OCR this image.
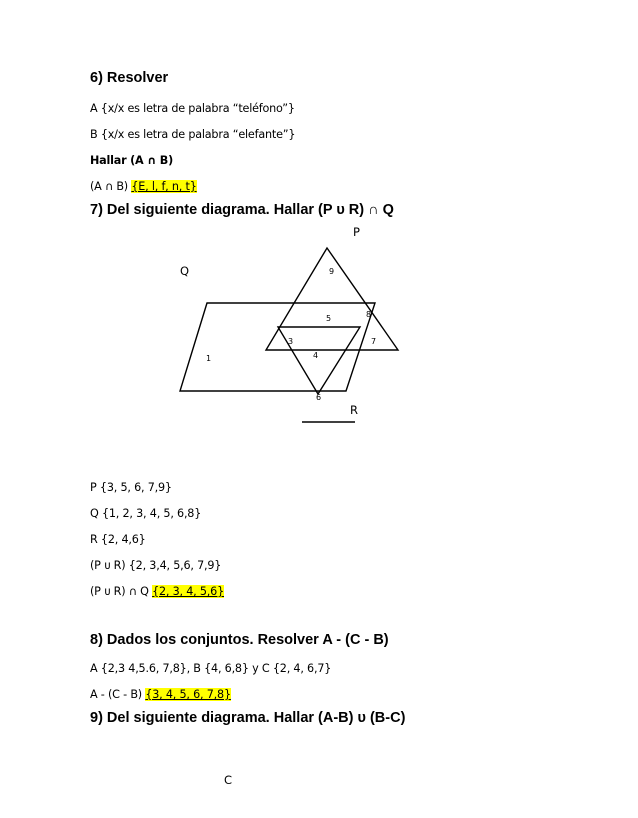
6) Resolver
A {x/x es letra de palabra “teléfono”}
B {x/x es letra de palabra “elefante”}
Hallar (A ∩ B)
(A ∩ B) {E, l, f, n, t}
7) Del siguiente diagrama. Hallar (P ᴜ R) ∩ Q
P
Q
R
9
8
5
3	7
4
1
6
P {3, 5, 6, 7,9}
Q {1, 2, 3, 4, 5, 6,8}
R {2, 4,6}
(P ᴜ R) {2, 3,4, 5,6, 7,9}
(P ᴜ R) ∩ Q {2, 3, 4, 5,6}
8) Dados los conjuntos. Resolver A - (C - B)
A {2,3 4,5.6, 7,8}, B {4, 6,8} y C {2, 4, 6,7}
A - (C - B) {3, 4, 5, 6, 7,8}
9) Del siguiente diagrama. Hallar (A-B) ᴜ (B-C)
C
